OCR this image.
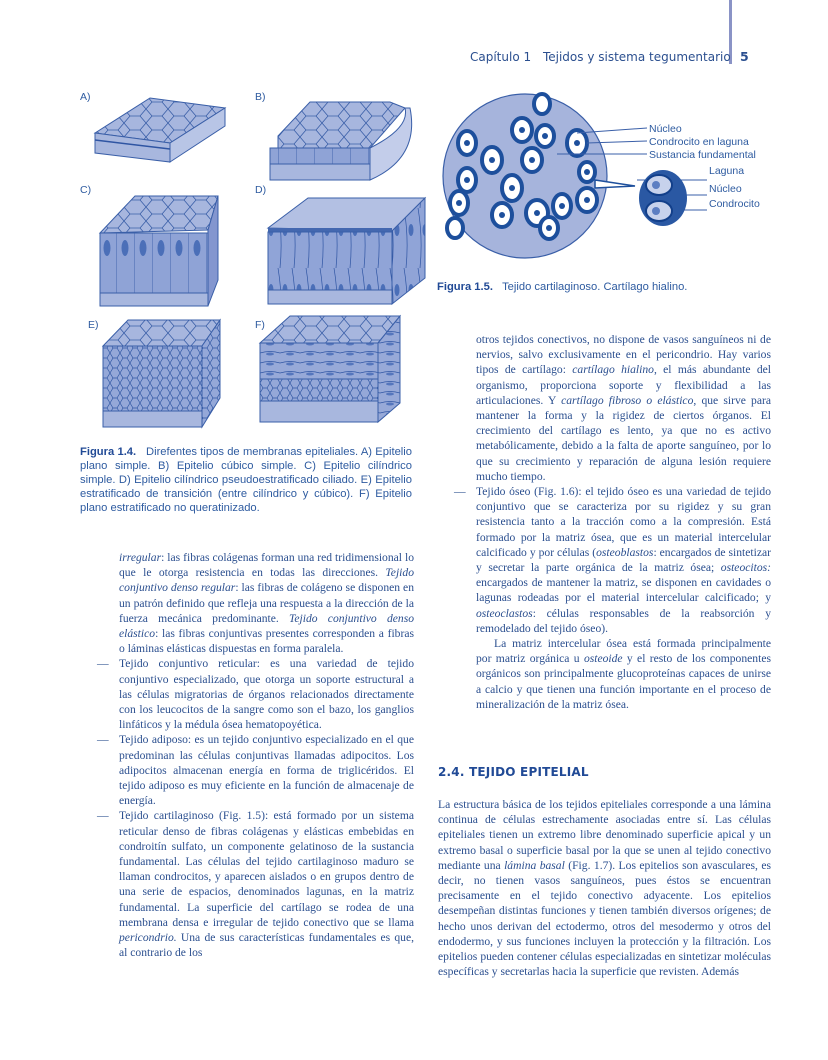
Capítulo 1 Tejidos y sistema tegumentario 5
A)	B)
C)	D)
E)	F)
Figura 1.4. Direfentes tipos de membranas epiteliales. A) Epitelio plano simple. B) Epitelio cúbico simple. C) Epitelio cilíndrico simple. D) Epitelio cilíndrico pseudoestratificado ciliado. E) Epitelio estratificado de transición (entre cilíndrico y cúbico). F) Epitelio plano estratificado no queratinizado.
Núcleo
Condrocito en laguna
Sustancia fundamental
Laguna
Núcleo
Condrocito
Figura 1.5. Tejido cartilaginoso. Cartílago hialino.

irregular: las fibras colágenas forman una red tridimensional lo que le otorga resistencia en todas las direcciones. Tejido conjuntivo denso regular: las fibras de colágeno se disponen en un patrón definido que refleja una respuesta a la dirección de la fuerza mecánica predominante. Tejido conjuntivo denso elástico: las fibras conjuntivas presentes corresponden a fibras o láminas elásticas dispuestas en forma paralela.

— Tejido conjuntivo reticular: es una variedad de tejido conjuntivo especializado, que otorga un soporte estructural a las células migratorias de órganos relacionados directamente con los leucocitos de la sangre como son el bazo, los ganglios linfáticos y la médula ósea hematopoyética.

— Tejido adiposo: es un tejido conjuntivo especializado en el que predominan las células conjuntivas llamadas adipocitos. Los adipocitos almacenan energía en forma de triglicéridos. El tejido adiposo es muy eficiente en la función de almacenaje de energía.

— Tejido cartilaginoso (Fig. 1.5): está formado por un sistema reticular denso de fibras colágenas y elásticas embebidas en condroitín sulfato, un componente gelatinoso de la sustancia fundamental. Las células del tejido cartilaginoso maduro se llaman condrocitos, y aparecen aislados o en grupos dentro de una serie de espacios, denominados lagunas, en la matriz fundamental. La superficie del cartílago se rodea de una membrana densa e irregular de tejido conectivo que se llama pericondrio. Una de sus características fundamentales es que, al contrario de los

otros tejidos conectivos, no dispone de vasos sanguíneos ni de nervios, salvo exclusivamente en el pericondrio. Hay varios tipos de cartílago: cartílago hialino, el más abundante del organismo, proporciona soporte y flexibilidad a las articulaciones. Y cartílago fibroso o elástico, que sirve para mantener la forma y la rigidez de ciertos órganos. El crecimiento del cartílago es lento, ya que no es activo metabólicamente, debido a la falta de aporte sanguíneo, por lo que su crecimiento y reparación de alguna lesión requiere mucho tiempo.

— Tejido óseo (Fig. 1.6): el tejido óseo es una variedad de tejido conjuntivo que se caracteriza por su rigidez y su gran resistencia tanto a la tracción como a la compresión. Está formado por la matriz ósea, que es un material intercelular calcificado y por células (osteoblastos: encargados de sintetizar y secretar la parte orgánica de la matriz ósea; osteocitos: encargados de mantener la matriz, se disponen en cavidades o lagunas rodeadas por el material intercelular calcificado; y osteoclastos: células responsables de la reabsorción y remodelado del tejido óseo).

La matriz intercelular ósea está formada principalmente por matriz orgánica u osteoide y el resto de los componentes orgánicos son principalmente glucoproteínas capaces de unirse a calcio y que tienen una función importante en el proceso de mineralización de la matriz ósea.

2.4. TEJIDO EPITELIAL

La estructura básica de los tejidos epiteliales corresponde a una lámina continua de células estrechamente asociadas entre sí. Las células epiteliales tienen un extremo libre denominado superficie apical y un extremo basal o superficie basal por la que se unen al tejido conectivo mediante una lámina basal (Fig. 1.7). Los epitelios son avasculares, es decir, no tienen vasos sanguíneos, pues éstos se encuentran precisamente en el tejido conectivo adyacente. Los epitelios desempeñan distintas funciones y tienen también diversos orígenes; de hecho unos derivan del ectodermo, otros del mesodermo y otros del endodermo, y sus funciones incluyen la protección y la filtración. Los epitelios pueden contener células especializadas en sintetizar moléculas específicas y secretarlas hacia la superficie que revisten. Además
